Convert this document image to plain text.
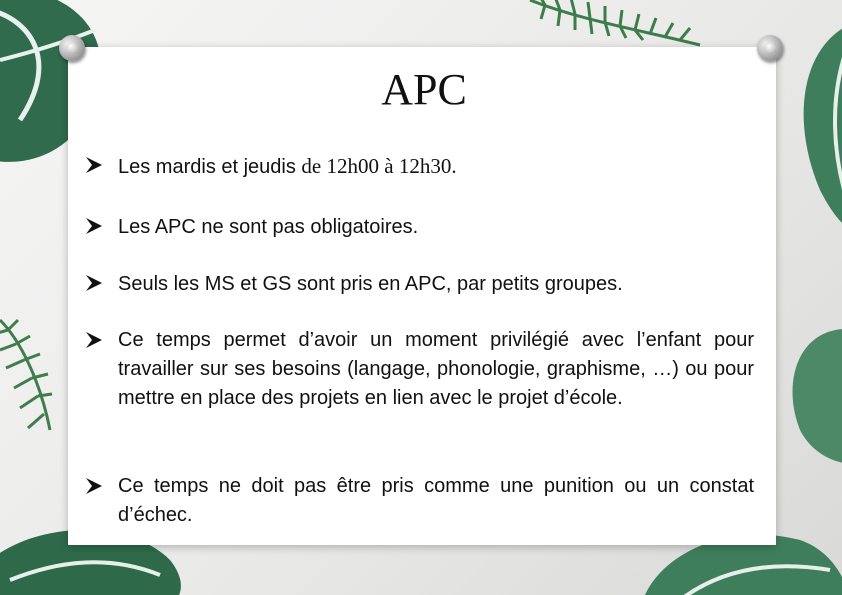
APC

Les mardis et jeudis de 12h00 à 12h30.

Les APC ne sont pas obligatoires.

Seuls les MS et GS sont pris en APC, par petits groupes.

Ce temps permet d’avoir un moment privilégié avec l’enfant pour travailler sur ses besoins (langage, phonologie, graphisme, …) ou pour mettre en place des projets en lien avec le projet d’école.

Ce temps ne doit pas être pris comme une punition ou un constat d’échec.
